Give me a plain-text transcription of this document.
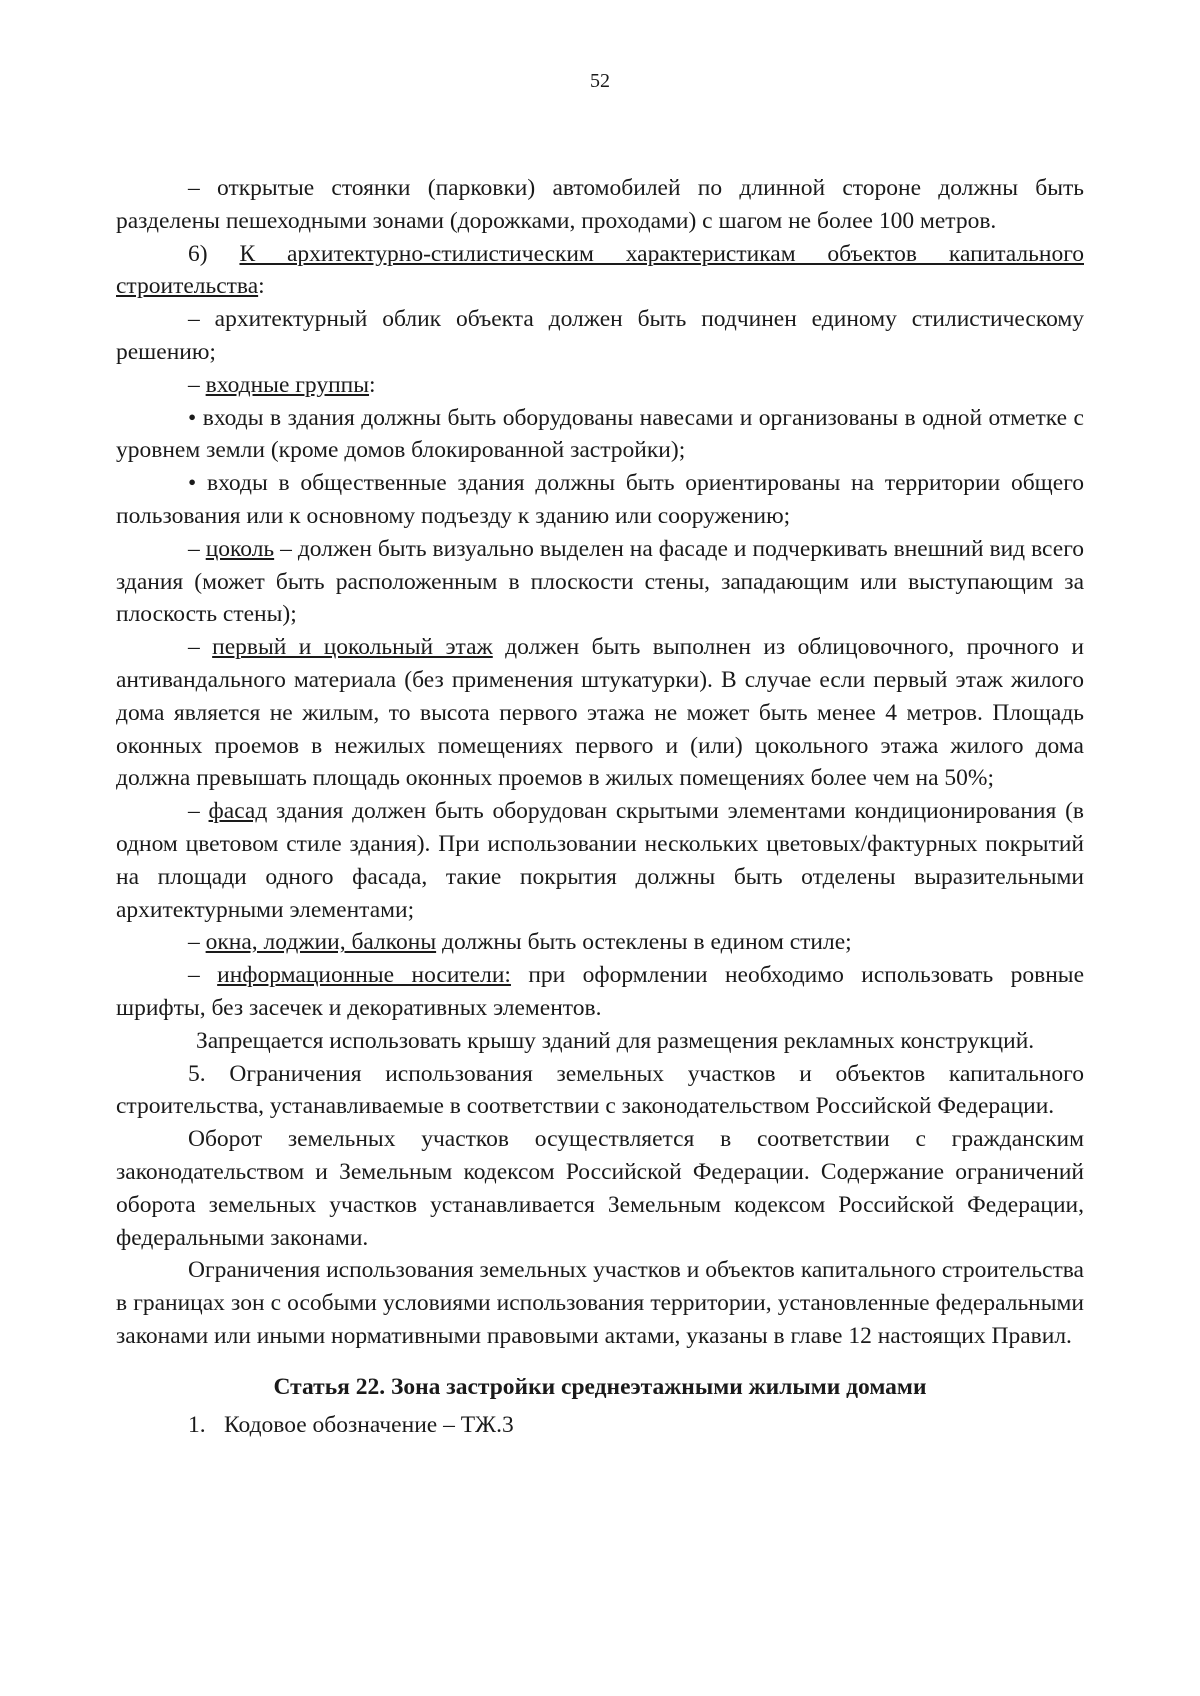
52

– открытые стоянки (парковки) автомобилей по длинной стороне должны быть разделены пешеходными зонами (дорожками, проходами) с шагом не более 100 метров.

6) К архитектурно-стилистическим характеристикам объектов капитального строительства:

– архитектурный облик объекта должен быть подчинен единому стилистическому решению;

– входные группы:

• входы в здания должны быть оборудованы навесами и организованы в одной отметке с уровнем земли (кроме домов блокированной застройки);

• входы в общественные здания должны быть ориентированы на территории общего пользования или к основному подъезду к зданию или сооружению;

– цоколь – должен быть визуально выделен на фасаде и подчеркивать внешний вид всего здания (может быть расположенным в плоскости стены, западающим или выступающим за плоскость стены);

– первый и цокольный этаж должен быть выполнен из облицовочного, прочного и антивандального материала (без применения штукатурки). В случае если первый этаж жилого дома является не жилым, то высота первого этажа не может быть менее 4 метров. Площадь оконных проемов в нежилых помещениях первого и (или) цокольного этажа жилого дома должна превышать площадь оконных проемов в жилых помещениях более чем на 50%;

– фасад здания должен быть оборудован скрытыми элементами кондиционирования (в одном цветовом стиле здания). При использовании нескольких цветовых/фактурных покрытий на площади одного фасада, такие покрытия должны быть отделены выразительными архитектурными элементами;

– окна, лоджии, балконы должны быть остеклены в едином стиле;

– информационные носители: при оформлении необходимо использовать ровные шрифты, без засечек и декоративных элементов.

Запрещается использовать крышу зданий для размещения рекламных конструкций.

5. Ограничения использования земельных участков и объектов капитального строительства, устанавливаемые в соответствии с законодательством Российской Федерации.

Оборот земельных участков осуществляется в соответствии с гражданским законодательством и Земельным кодексом Российской Федерации. Содержание ограничений оборота земельных участков устанавливается Земельным кодексом Российской Федерации, федеральными законами.

Ограничения использования земельных участков и объектов капитального строительства в границах зон с особыми условиями использования территории, установленные федеральными законами или иными нормативными правовыми актами, указаны в главе 12 настоящих Правил.

Статья 22. Зона застройки среднеэтажными жилыми домами

1. Кодовое обозначение – ТЖ.3
